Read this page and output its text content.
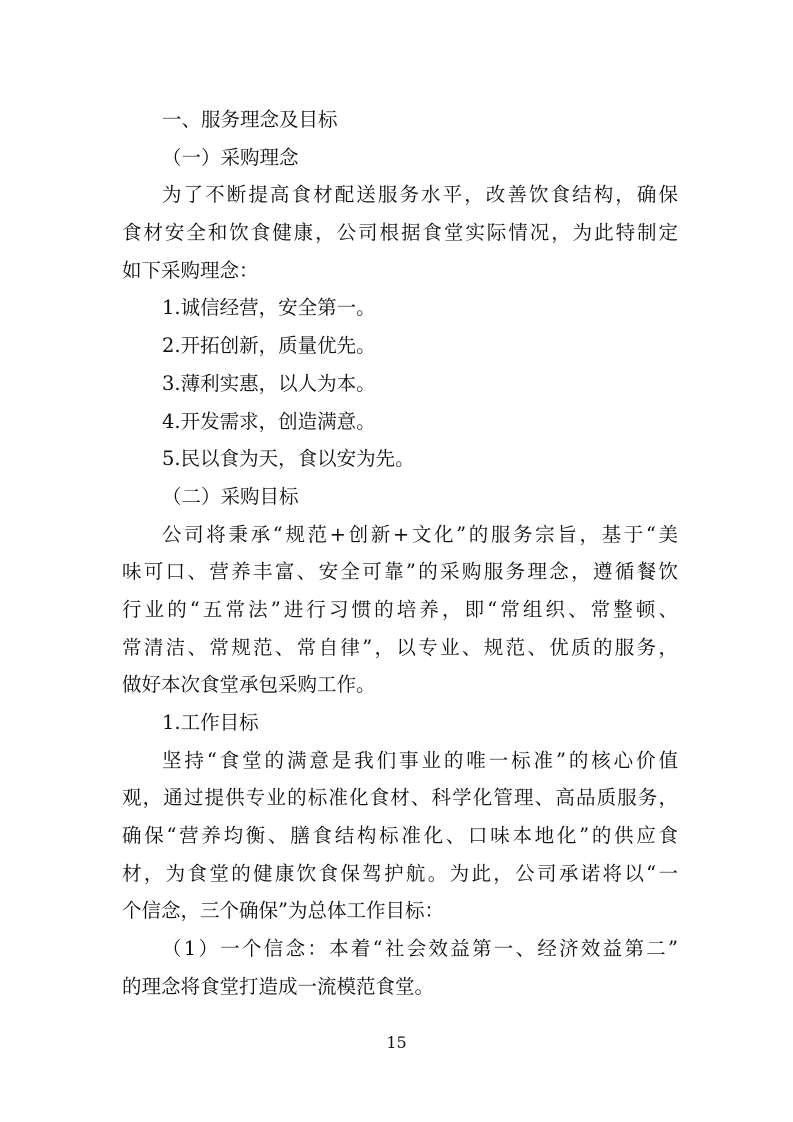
一、服务理念及目标
（一）采购理念
为了不断提高食材配送服务水平，改善饮食结构，确保
食材安全和饮食健康，公司根据食堂实际情况，为此特制定
如下采购理念：
1.诚信经营，安全第一。
2.开拓创新，质量优先。
3.薄利实惠，以人为本。
4.开发需求，创造满意。
5.民以食为天，食以安为先。
（二）采购目标
公司将秉承“规范+创新+文化”的服务宗旨，基于“美
味可口、营养丰富、安全可靠”的采购服务理念，遵循餐饮
行业的“五常法”进行习惯的培养，即“常组织、常整顿、
常清洁、常规范、常自律”，以专业、规范、优质的服务，
做好本次食堂承包采购工作。
1.工作目标
坚持“食堂的满意是我们事业的唯一标准”的核心价值
观，通过提供专业的标准化食材、科学化管理、高品质服务，
确保“营养均衡、膳食结构标准化、口味本地化”的供应食
材，为食堂的健康饮食保驾护航。为此，公司承诺将以“一
个信念，三个确保”为总体工作目标：
（1）一个信念：本着“社会效益第一、经济效益第二”
的理念将食堂打造成一流模范食堂。
15
